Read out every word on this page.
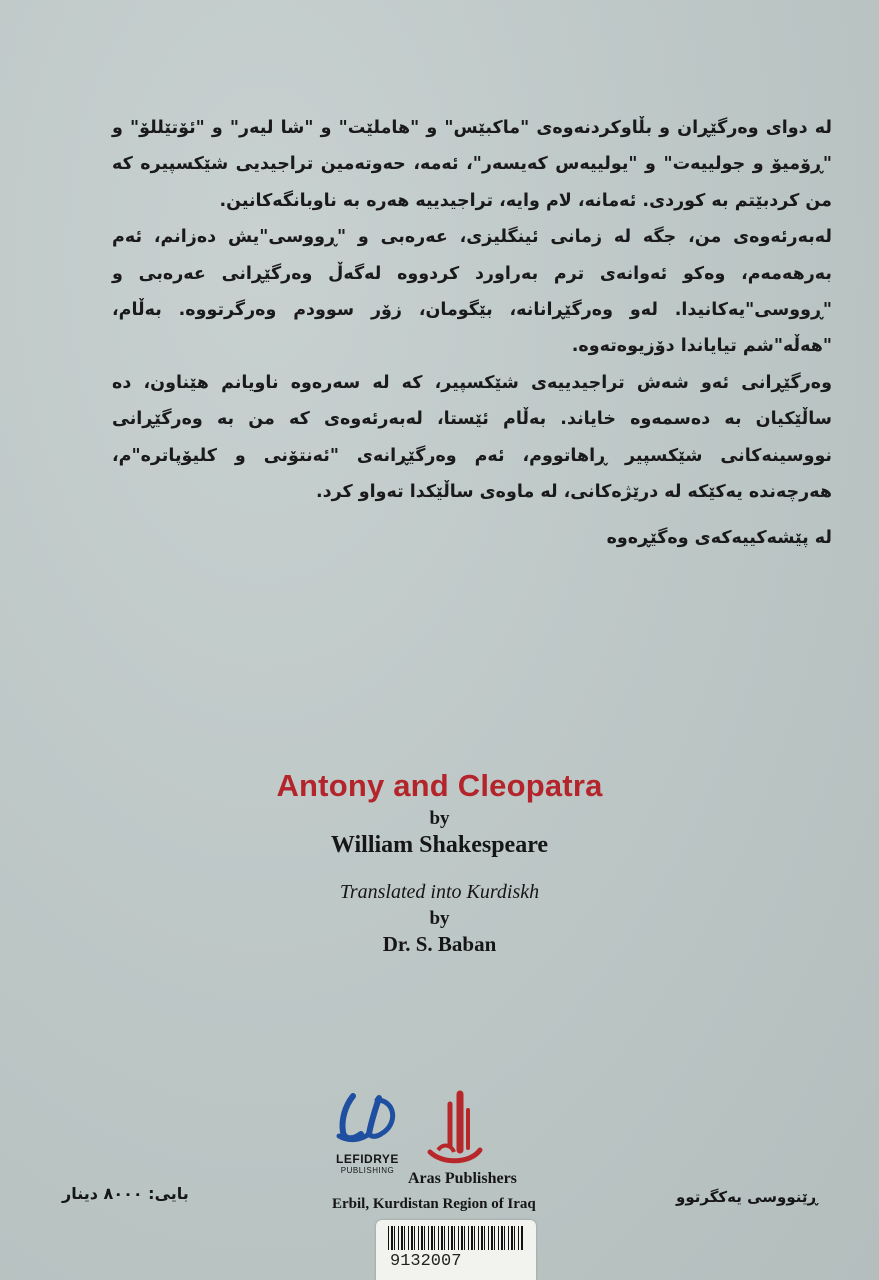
لە دوای وەرگێڕان و بڵاوکردنەوەی "ماکبێس" و "هاملێت" و "شا لیەر" و "ئۆتێللۆ" و "ڕۆمیۆ و جولییەت" و "یولییەس کەیسەر"، ئەمە، حەوتەمین تراجیدیی شێکسپیرە کە من کردبێتم بە کوردی. ئەمانە، لام وایە، تراجیدییە هەرە بە ناوبانگەکانین.

لەبەرئەوەی من، جگە لە زمانی ئینگلیزی، عەرەبی و "ڕووسی"یش دەزانم، ئەم بەرهەمەم، وەکو ئەوانەی ترم بەراورد کردووە لەگەڵ وەرگێڕانی عەرەبی و "ڕووسی"یەکانیدا. لەو وەرگێڕانانە، بێگومان، زۆر سوودم وەرگرتووە. بەڵام، "هەڵە"شم تیایاندا دۆزیوەتەوە.

وەرگێڕانی ئەو شەش تراجیدییەی شێکسپیر، کە لە سەرەوە ناویانم هێناون، دە ساڵێکیان بە دەسمەوە خایاند. بەڵام ئێستا، لەبەرئەوەی کە من بە وەرگێڕانی نووسینەکانی شێکسپیر ڕاهاتووم، ئەم وەرگێڕانەی "ئەنتۆنی و کلیۆپاترە"م، هەرچەندە یەکێکە لە درێژەکانی، لە ماوەی ساڵێکدا تەواو کرد.

لە پێشەکییەکەی وەگێڕەوە

Antony and Cleopatra
by
William Shakespeare
Translated into Kurdiskh
by
Dr. S. Baban
LEFIDRYE
PUBLISHING Aras Publishers
Erbil, Kurdistan Region of Iraq
بایی: ٨٠٠٠ دینار	ڕێنووسی یەکگرتوو
9132007
